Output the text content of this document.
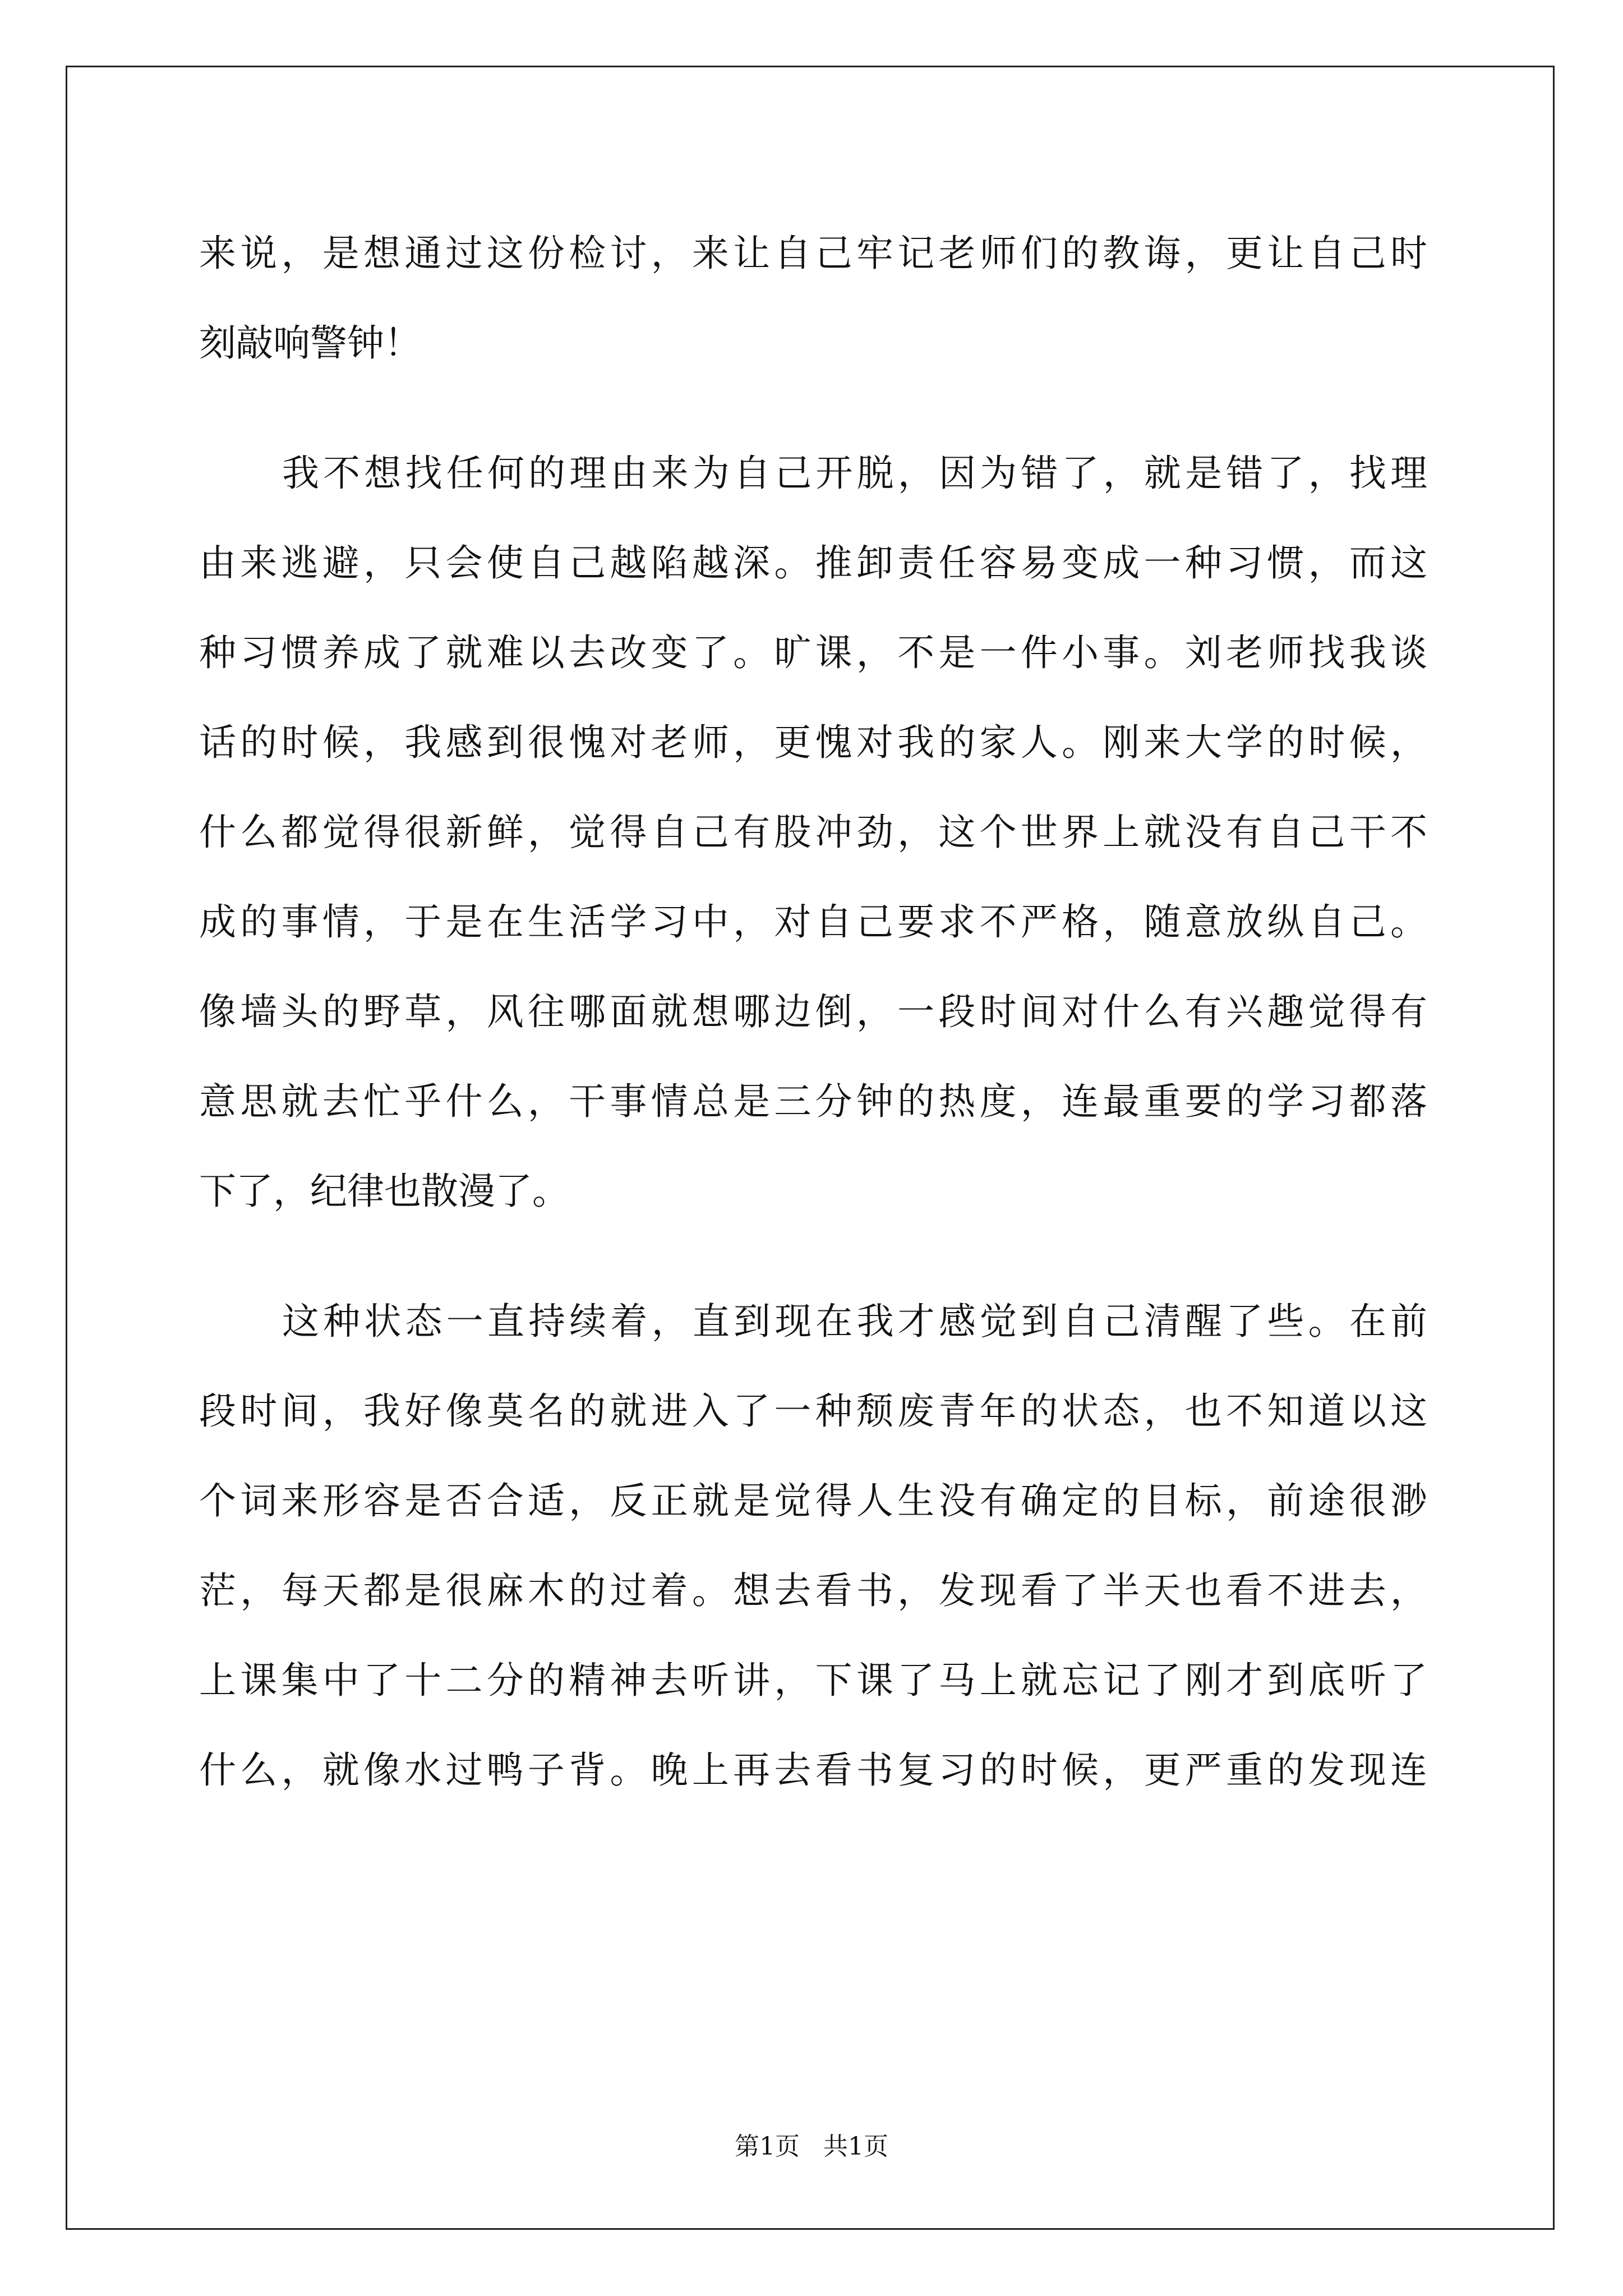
来说，是想通过这份检讨，来让自己牢记老师们的教诲，更让自己时
刻敲响警钟！
我不想找任何的理由来为自己开脱，因为错了，就是错了，找理
由来逃避，只会使自己越陷越深。推卸责任容易变成一种习惯，而这
种习惯养成了就难以去改变了。旷课，不是一件小事。刘老师找我谈
话的时候，我感到很愧对老师，更愧对我的家人。刚来大学的时候，
什么都觉得很新鲜，觉得自己有股冲劲，这个世界上就没有自己干不
成的事情，于是在生活学习中，对自己要求不严格，随意放纵自己。
像墙头的野草，风往哪面就想哪边倒，一段时间对什么有兴趣觉得有
意思就去忙乎什么，干事情总是三分钟的热度，连最重要的学习都落
下了，纪律也散漫了。
这种状态一直持续着，直到现在我才感觉到自己清醒了些。在前
段时间，我好像莫名的就进入了一种颓废青年的状态，也不知道以这
个词来形容是否合适，反正就是觉得人生没有确定的目标，前途很渺
茫，每天都是很麻木的过着。想去看书，发现看了半天也看不进去，
上课集中了十二分的精神去听讲，下课了马上就忘记了刚才到底听了
什么，就像水过鸭子背。晚上再去看书复习的时候，更严重的发现连
第1页   共1页
